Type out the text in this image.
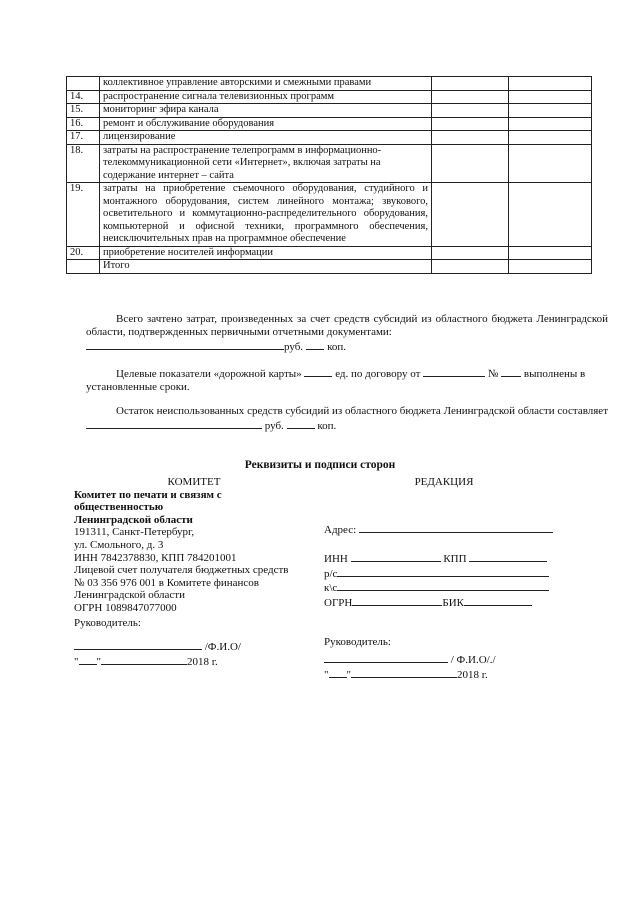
	коллективное управление авторскими и смежными правами		
14.	распространение сигнала телевизионных программ		
15.	мониторинг эфира канала		
16.	ремонт и обслуживание оборудования		
17.	лицензирование		
18.	затраты на распространение телепрограмм в информационно-телекоммуникационной сети «Интернет», включая затраты на содержание интернет – сайта		
19.	затраты на приобретение съемочного оборудования, студийного и монтажного оборудования, систем линейного монтажа; звукового, осветительного и коммутационно-распределительного оборудования, компьютерной и офисной техники, программного обеспечения, неисключительных прав на программное обеспечение		
20.	приобретение носителей информации		
	Итого		
Всего зачтено затрат, произведенных за счет средств субсидий из областного бюджета Ленинградской области, подтвержденных первичными отчетными документами:
руб. коп.
Целевые показатели «дорожной карты»	ед. по договору от	№ выполнены в установленные сроки.
Остаток неиспользованных средств субсидий из областного бюджета Ленинградской области составляет  руб.	коп.
Реквизиты и подписи сторон
КОМИТЕТ
Комитет по печати и связям с
общественностью
Ленинградской области
191311, Санкт-Петербург,
ул. Смольного, д. 3
ИНН 7842378830, КПП 784201001
Лицевой счет получателя бюджетных средств
№ 03 356 976 001 в Комитете финансов
Ленинградской области
ОГРН 1089847077000
Руководитель:
/Ф.И.О/
" "	2018 г.
РЕДАКЦИЯ
Адрес:
ИНН	КПП
р/с
к\с
ОГРН	БИК
Руководитель:
/ Ф.И.О/./
" "	2018 г.
